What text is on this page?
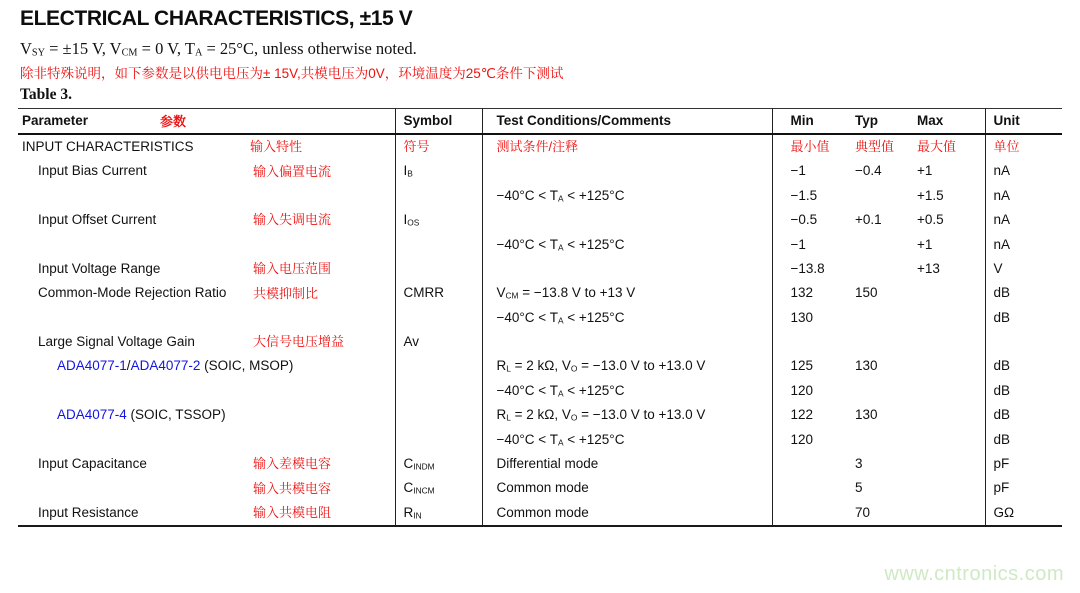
ELECTRICAL CHARACTERISTICS, ±15 V

$V_{SY} = \pm 15$ V, $V_{CM} = 0$ V, $T_A = 25^\circ C$, unless otherwise noted.

除非特殊说明，如下参数是以供电电压为± 15V,共模电压为0V，环境温度为25℃条件下测试

Table 3.

Parameter 参数	Symbol	Test Conditions/Comments	Min	Typ	Max	Unit

INPUT CHARACTERISTICS 输入特性	符号	测试条件/注释	最小值	典型值	最大值	单位

Input Bias Current 输入偏置电流	$I_B$		−1	−0.4	+1	nA

		$-40^\circ C < T_A < +125^\circ C$	−1.5		+1.5	nA

Input Offset Current 输入失调电流	$I_{OS}$		−0.5	+0.1	+0.5	nA

		$-40^\circ C < T_A < +125^\circ C$	−1		+1	nA

Input Voltage Range 输入电压范围			−13.8		+13	V

Common-Mode Rejection Ratio 共模抑制比	CMRR	$V_{CM} = -13.8$ V to +13 V	132	150		dB

		$-40^\circ C < T_A < +125^\circ C$	130			dB

Large Signal Voltage Gain 大信号电压增益	Av					

ADA4077-1/ADA4077-2 (SOIC, MSOP)		$R_L = 2$ kΩ, $V_O = -13.0$ V to +13.0 V	125	130		dB

		$-40^\circ C < T_A < +125^\circ C$	120			dB

ADA4077-4 (SOIC, TSSOP)		$R_L = 2$ kΩ, $V_O = -13.0$ V to +13.0 V	122	130		dB

		$-40^\circ C < T_A < +125^\circ C$	120			dB

Input Capacitance 输入差模电容	$C_{INDM}$	Differential mode		3		pF

输入共模电容	$C_{INCM}$	Common mode		5		pF

Input Resistance 输入共模电阻	$R_{IN}$	Common mode		70		GΩ
www.cntronics.com
